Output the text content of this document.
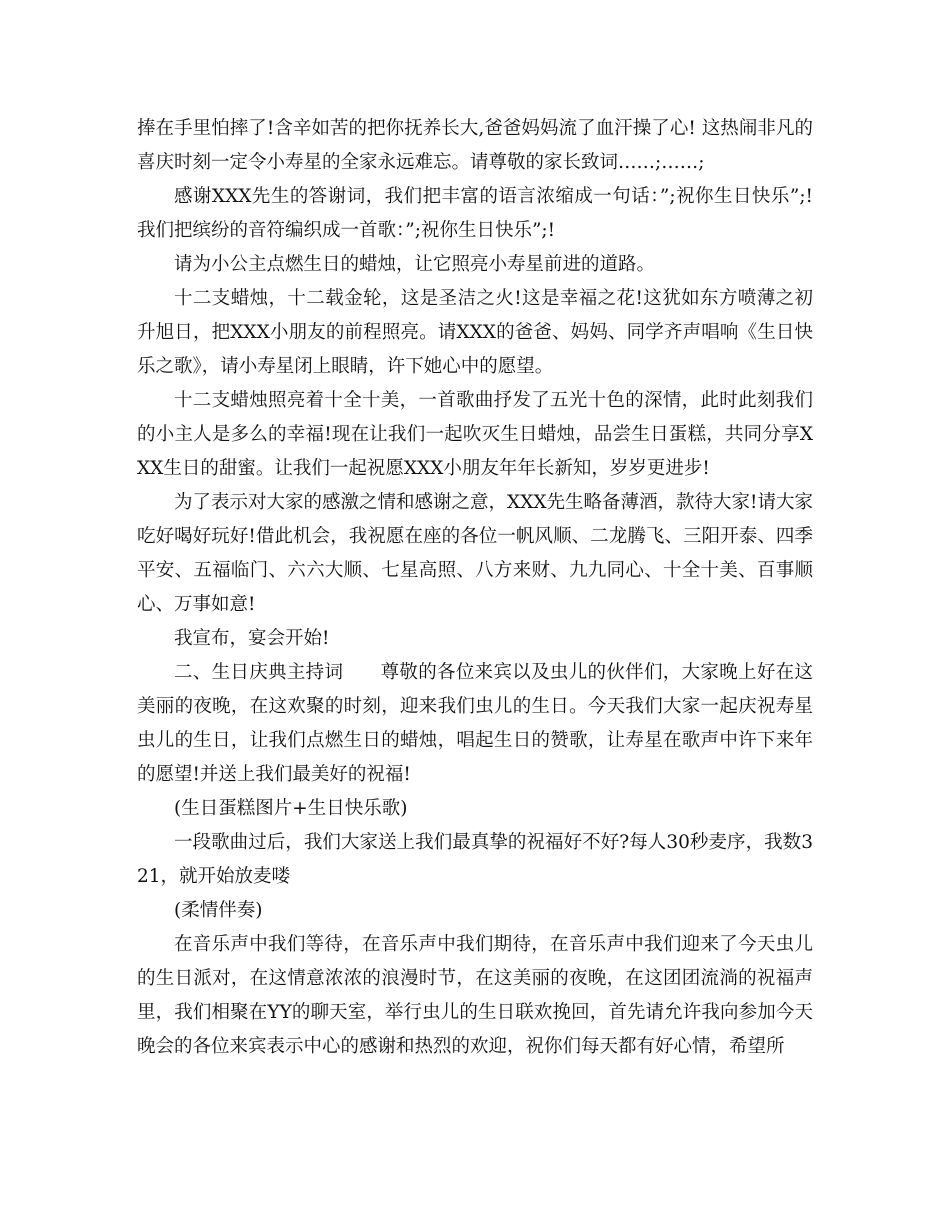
捧在手里怕摔了!含辛如苦的把你抚养长大,爸爸妈妈流了血汗操了心! 这热闹非凡的喜庆时刻一定令小寿星的全家永远难忘。请尊敬的家长致词……;……;

感谢XXX先生的答谢词，我们把丰富的语言浓缩成一句话：”;祝你生日快乐”;!我们把缤纷的音符编织成一首歌：”;祝你生日快乐”;!

请为小公主点燃生日的蜡烛，让它照亮小寿星前进的道路。

十二支蜡烛，十二载金轮，这是圣洁之火!这是幸福之花!这犹如东方喷薄之初升旭日，把XXX小朋友的前程照亮。请XXX的爸爸、妈妈、同学齐声唱响《生日快乐之歌》，请小寿星闭上眼睛，许下她心中的愿望。

十二支蜡烛照亮着十全十美，一首歌曲抒发了五光十色的深情，此时此刻我们的小主人是多么的幸福!现在让我们一起吹灭生日蜡烛，品尝生日蛋糕，共同分享XXX生日的甜蜜。让我们一起祝愿XXX小朋友年年长新知，岁岁更进步!

为了表示对大家的感激之情和感谢之意，XXX先生略备薄酒，款待大家!请大家吃好喝好玩好!借此机会，我祝愿在座的各位一帆风顺、二龙腾飞、三阳开泰、四季平安、五福临门、六六大顺、七星高照、八方来财、九九同心、十全十美、百事顺心、万事如意!

我宣布，宴会开始!

二、生日庆典主持词 尊敬的各位来宾以及虫儿的伙伴们，大家晚上好在这美丽的夜晚，在这欢聚的时刻，迎来我们虫儿的生日。今天我们大家一起庆祝寿星虫儿的生日，让我们点燃生日的蜡烛，唱起生日的赞歌，让寿星在歌声中许下来年的愿望!并送上我们最美好的祝福!

(生日蛋糕图片+生日快乐歌)

一段歌曲过后，我们大家送上我们最真挚的祝福好不好?每人30秒麦序，我数321，就开始放麦喽

(柔情伴奏)

在音乐声中我们等待，在音乐声中我们期待，在音乐声中我们迎来了今天虫儿的生日派对，在这情意浓浓的浪漫时节，在这美丽的夜晚，在这团团流淌的祝福声里，我们相聚在YY的聊天室，举行虫儿的生日联欢挽回，首先请允许我向参加今天晚会的各位来宾表示中心的感谢和热烈的欢迎，祝你们每天都有好心情，希望所
